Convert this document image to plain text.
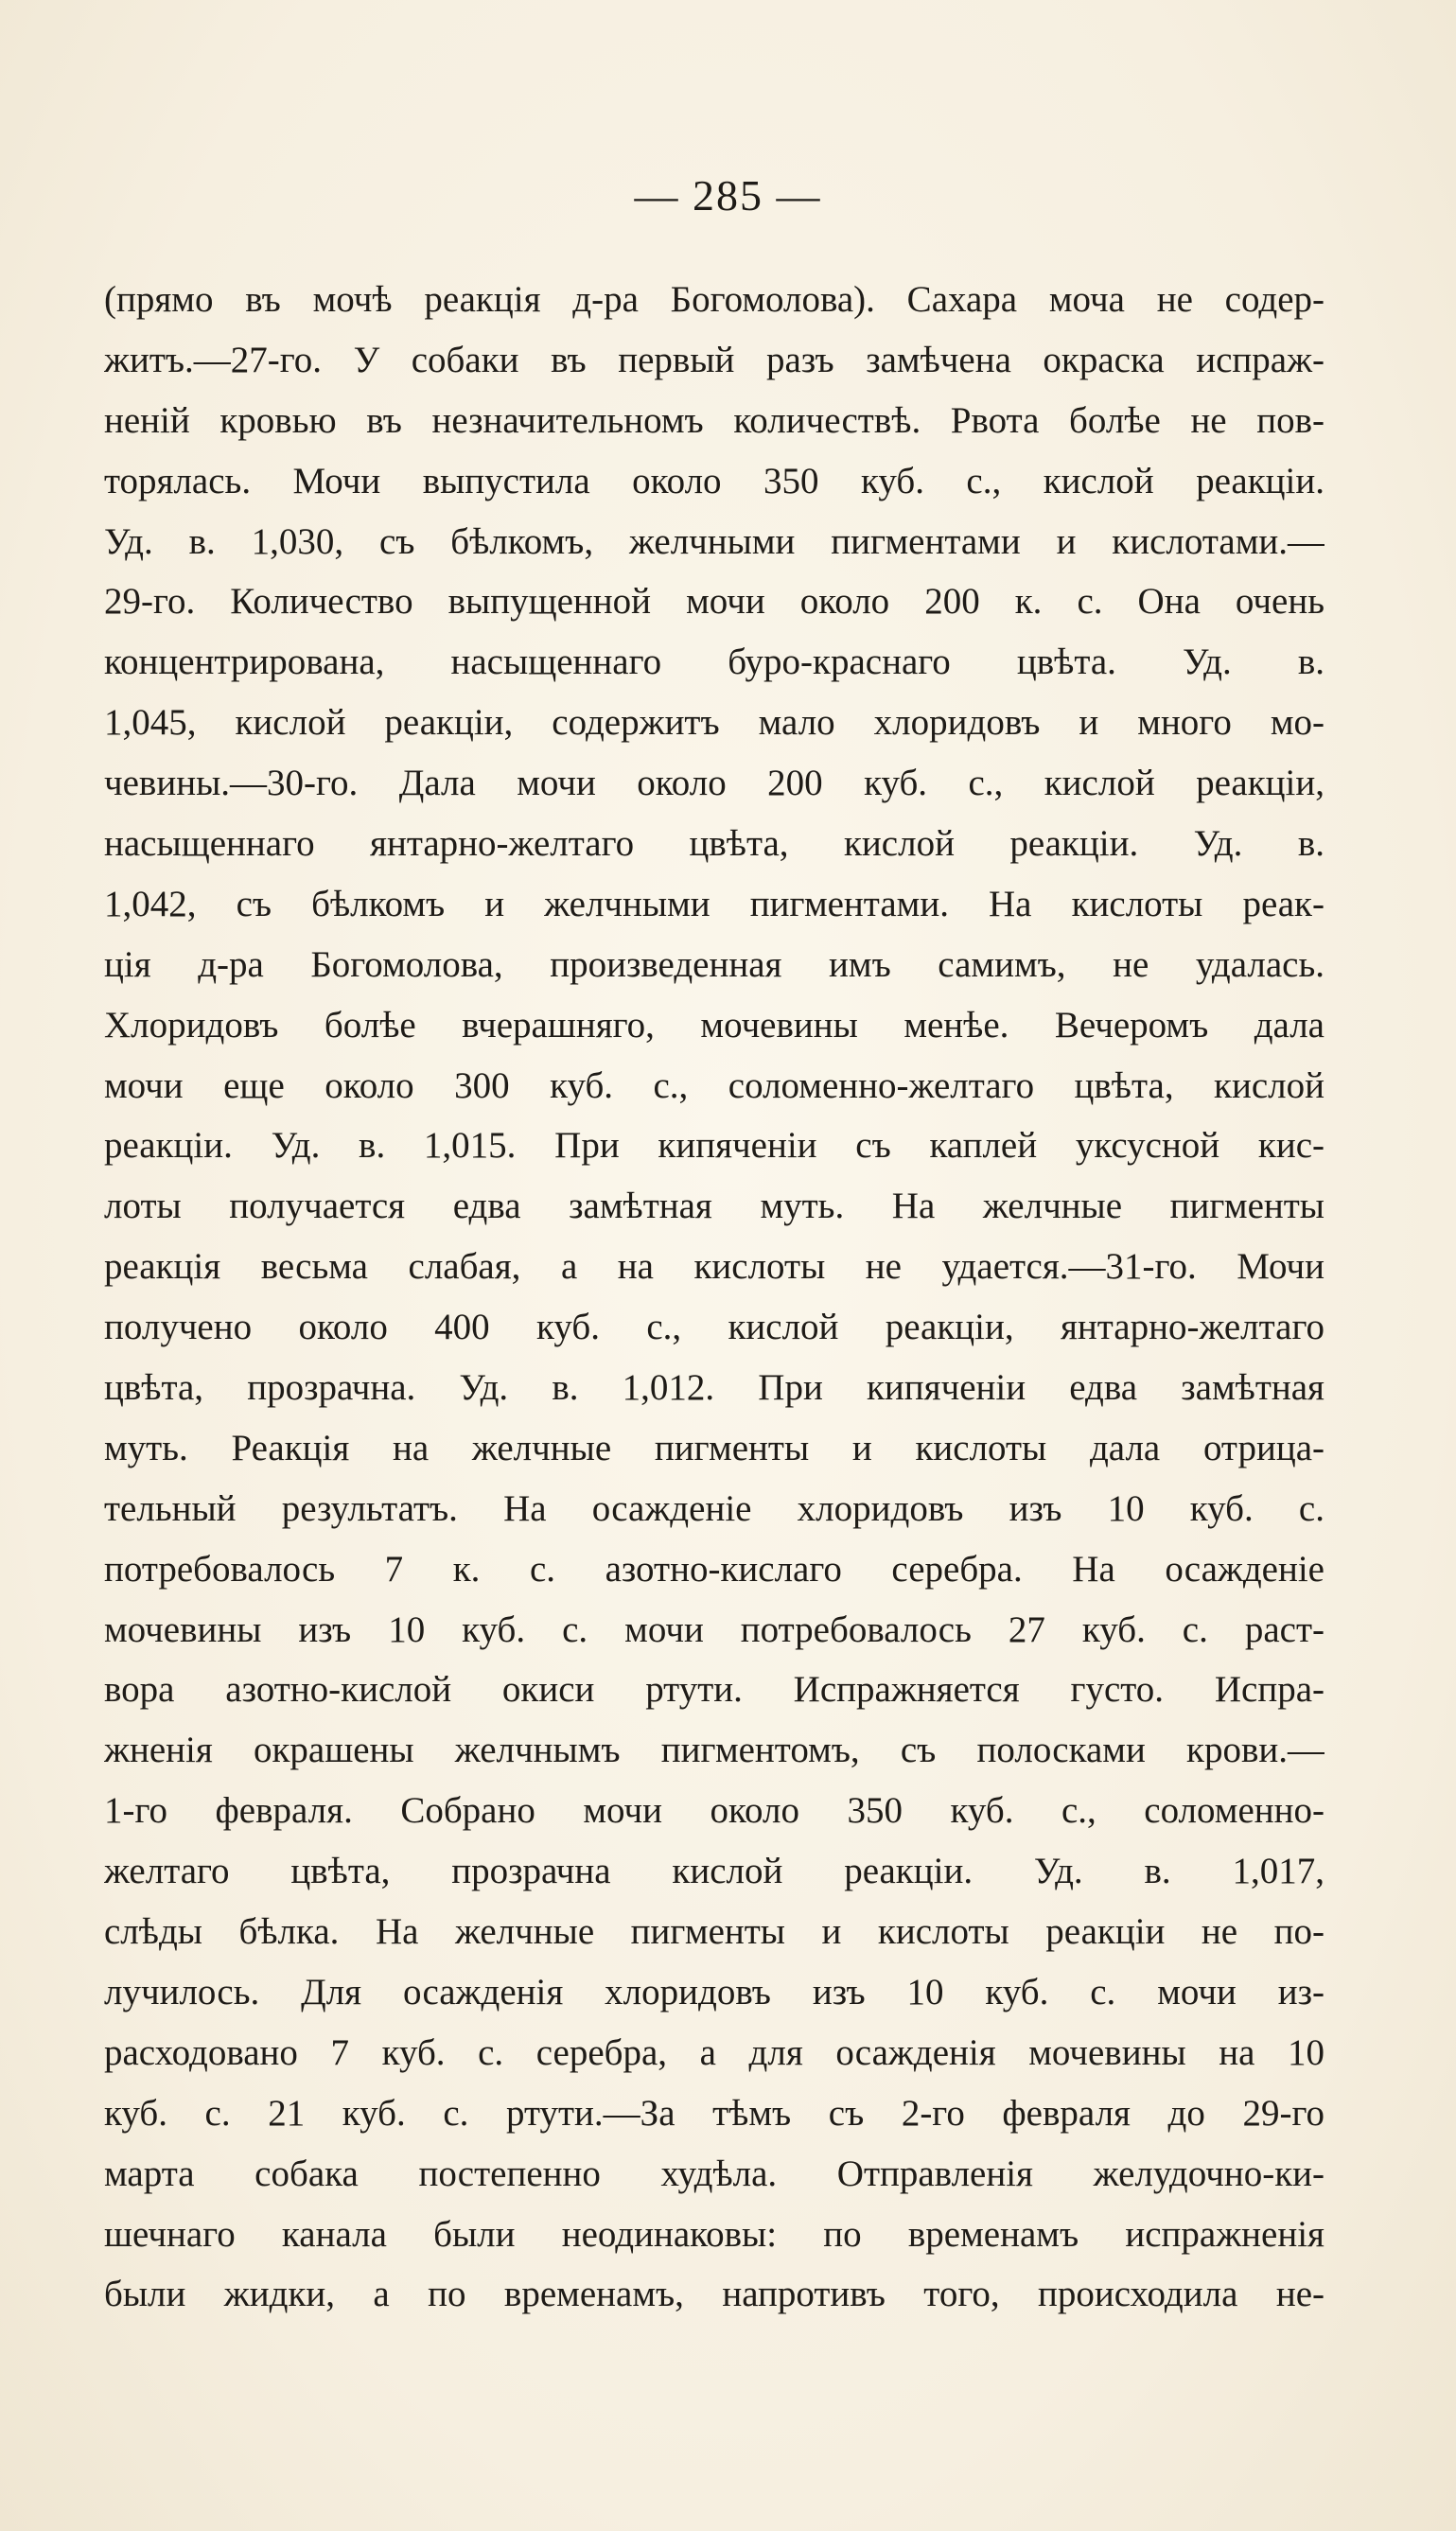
— 285 —
(прямо въ мочѣ реакція д-ра Богомолова). Сахара моча не содер-
житъ.—27-го. У собаки въ первый разъ замѣчена окраска испраж-
неній кровью въ незначительномъ количествѣ. Рвота болѣе не пов-
торялась. Мочи выпустила около 350 куб. с., кислой реакціи.
Уд. в. 1,030, съ бѣлкомъ, желчными пигментами и кислотами.—
29-го. Количество выпущенной мочи около 200 к. с. Она очень
концентрирована, насыщеннаго буро-краснаго цвѣта. Уд. в.
1,045, кислой реакціи, содержитъ мало хлоридовъ и много мо-
чевины.—30-го. Дала мочи около 200 куб. с., кислой реакціи,
насыщеннаго янтарно-желтаго цвѣта, кислой реакціи. Уд. в.
1,042, съ бѣлкомъ и желчными пигментами. На кислоты реак-
ція д-ра Богомолова, произведенная имъ самимъ, не удалась.
Хлоридовъ болѣе вчерашняго, мочевины менѣе. Вечеромъ дала
мочи еще около 300 куб. с., соломенно-желтаго цвѣта, кислой
реакціи. Уд. в. 1,015. При кипяченіи съ каплей уксусной кис-
лоты получается едва замѣтная муть. На желчные пигменты
реакція весьма слабая, а на кислоты не удается.—31-го. Мочи
получено около 400 куб. с., кислой реакціи, янтарно-желтаго
цвѣта, прозрачна. Уд. в. 1,012. При кипяченіи едва замѣтная
муть. Реакція на желчные пигменты и кислоты дала отрица-
тельный результатъ. На осажденіе хлоридовъ изъ 10 куб. с.
потребовалось 7 к. с. азотно-кислаго серебра. На осажденіе
мочевины изъ 10 куб. с. мочи потребовалось 27 куб. с. раст-
вора азотно-кислой окиси ртути. Испражняется густо. Испра-
жненія окрашены желчнымъ пигментомъ, съ полосками крови.—
1-го февраля. Собрано мочи около 350 куб. с., соломенно-
желтаго цвѣта, прозрачна кислой реакціи. Уд. в. 1,017,
слѣды бѣлка. На желчные пигменты и кислоты реакціи не по-
лучилось. Для осажденія хлоридовъ изъ 10 куб. с. мочи из-
расходовано 7 куб. с. серебра, а для осажденія мочевины на 10
куб. с. 21 куб. с. ртути.—За тѣмъ съ 2-го февраля до 29-го
марта собака постепенно худѣла. Отправленія желудочно-ки-
шечнаго канала были неодинаковы: по временамъ испражненія
были жидки, а по временамъ, напротивъ того, происходила не-
